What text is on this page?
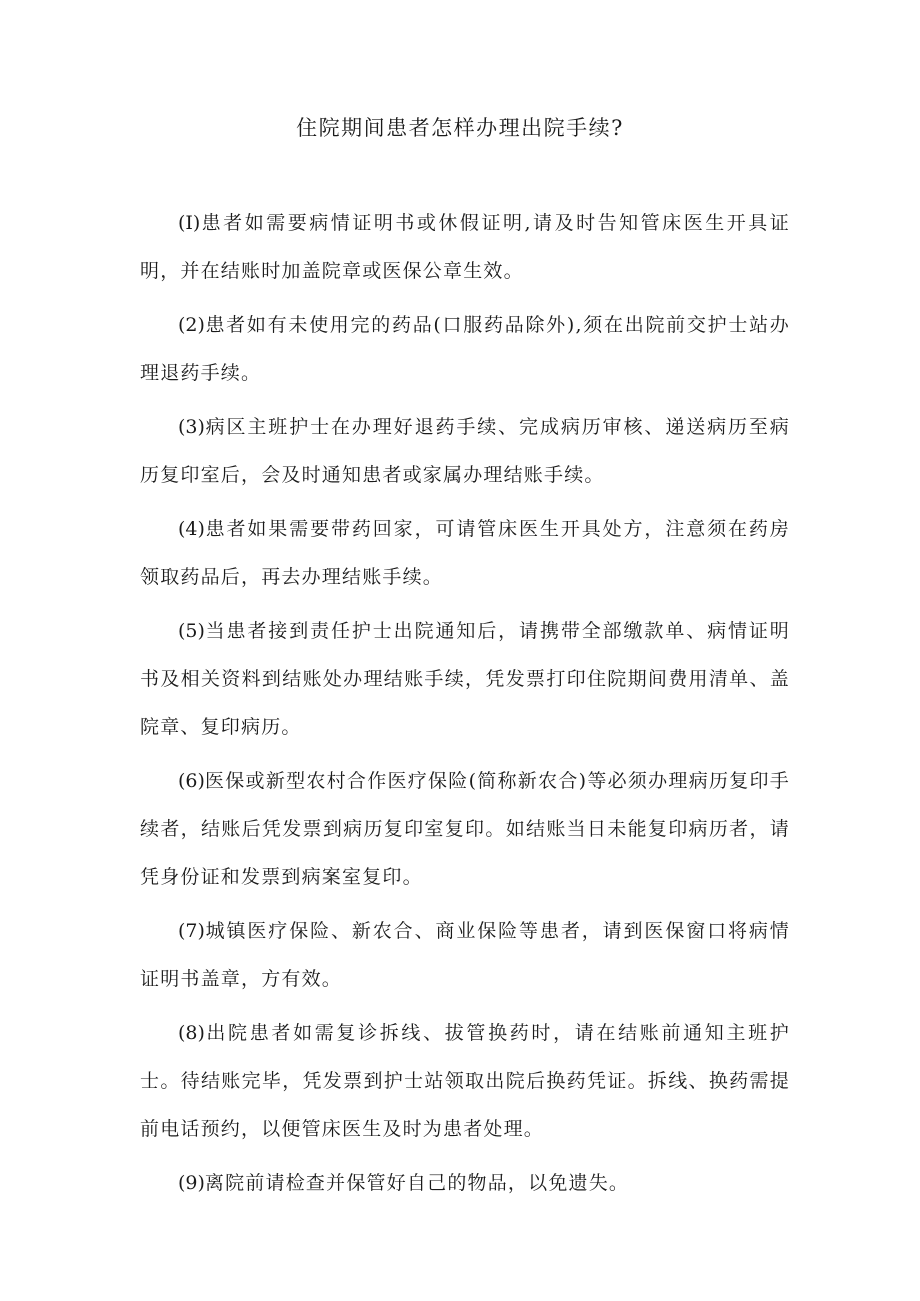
住院期间患者怎样办理出院手续?

(I)患者如需要病情证明书或休假证明,请及时告知管床医生开具证明，并在结账时加盖院章或医保公章生效。

(2)患者如有未使用完的药品(口服药品除外),须在出院前交护士站办理退药手续。

(3)病区主班护士在办理好退药手续、完成病历审核、递送病历至病历复印室后，会及时通知患者或家属办理结账手续。

(4)患者如果需要带药回家，可请管床医生开具处方，注意须在药房领取药品后，再去办理结账手续。

(5)当患者接到责任护士出院通知后，请携带全部缴款单、病情证明书及相关资料到结账处办理结账手续，凭发票打印住院期间费用清单、盖院章、复印病历。

(6)医保或新型农村合作医疗保险(简称新农合)等必须办理病历复印手续者，结账后凭发票到病历复印室复印。如结账当日未能复印病历者，请凭身份证和发票到病案室复印。

(7)城镇医疗保险、新农合、商业保险等患者，请到医保窗口将病情证明书盖章，方有效。

(8)出院患者如需复诊拆线、拔管换药时，请在结账前通知主班护士。待结账完毕，凭发票到护士站领取出院后换药凭证。拆线、换药需提前电话预约，以便管床医生及时为患者处理。

(9)离院前请检查并保管好自己的物品，以免遗失。
